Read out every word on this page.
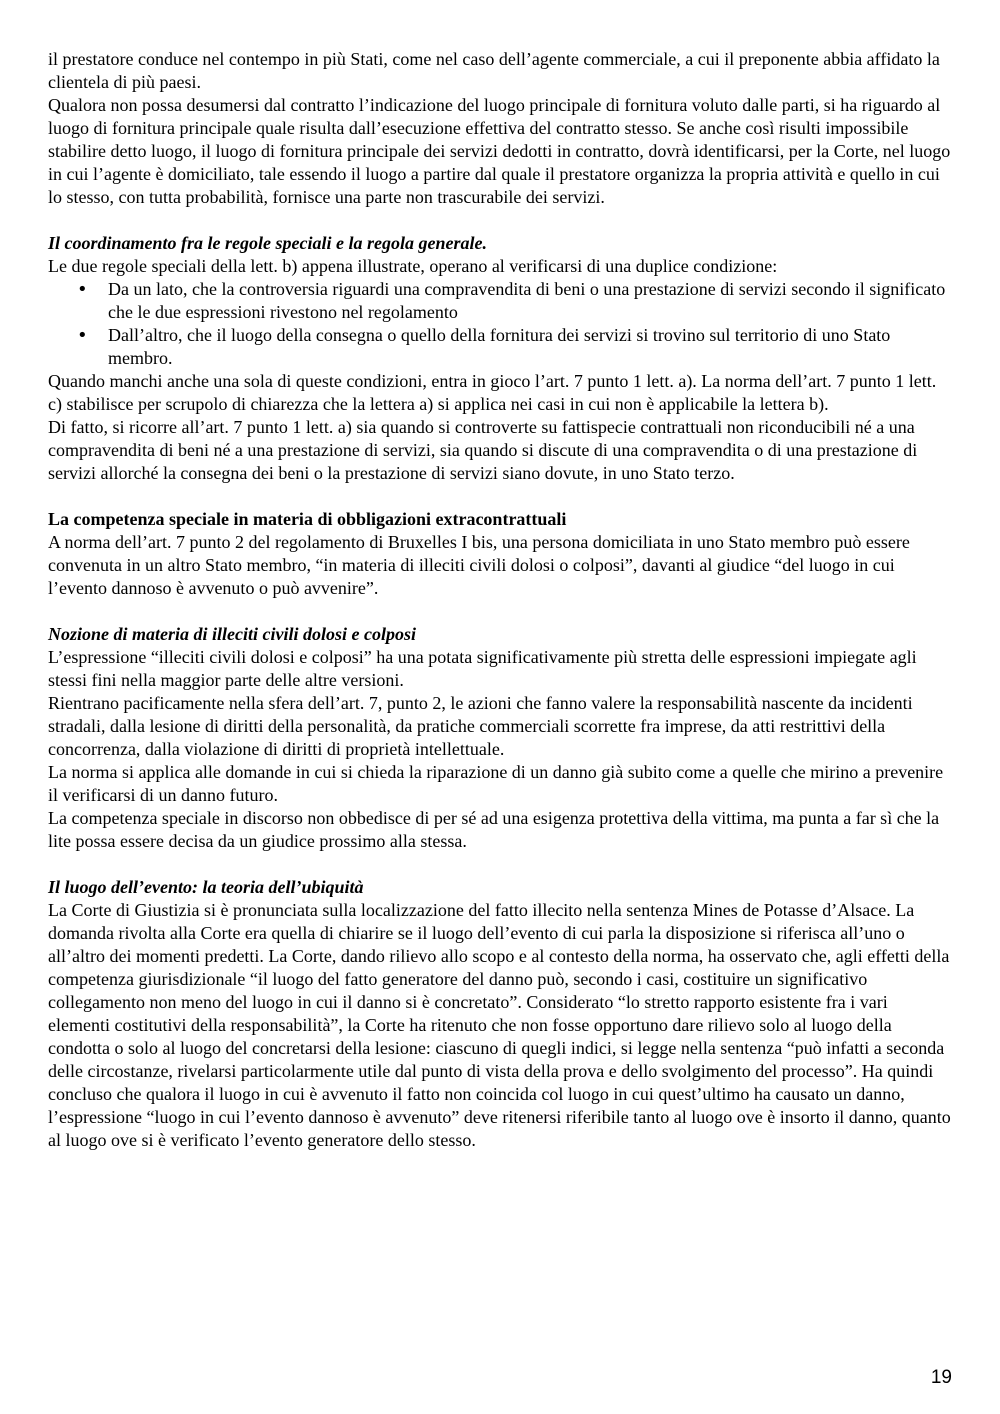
il prestatore conduce nel contempo in più Stati, come nel caso dell’agente commerciale, a cui il preponente abbia affidato la clientela di più paesi.

Qualora non possa desumersi dal contratto l’indicazione del luogo principale di fornitura voluto dalle parti, si ha riguardo al luogo di fornitura principale quale risulta dall’esecuzione effettiva del contratto stesso. Se anche così risulti impossibile stabilire detto luogo, il luogo di fornitura principale dei servizi dedotti in contratto, dovrà identificarsi, per la Corte, nel luogo in cui l’agente è domiciliato, tale essendo il luogo a partire dal quale il prestatore organizza la propria attività e quello in cui lo stesso, con tutta probabilità, fornisce una parte non trascurabile dei servizi.

Il coordinamento fra le regole speciali e la regola generale.

Le due regole speciali della lett. b) appena illustrate, operano al verificarsi di una duplice condizione:

• Da un lato, che la controversia riguardi una compravendita di beni o una prestazione di servizi secondo il significato che le due espressioni rivestono nel regolamento
• Dall’altro, che il luogo della consegna o quello della fornitura dei servizi si trovino sul territorio di uno Stato membro.

Quando manchi anche una sola di queste condizioni, entra in gioco l’art. 7 punto 1 lett. a). La norma dell’art. 7 punto 1 lett. c) stabilisce per scrupolo di chiarezza che la lettera a) si applica nei casi in cui non è applicabile la lettera b).

Di fatto, si ricorre all’art. 7 punto 1 lett. a) sia quando si controverte su fattispecie contrattuali non riconducibili né a una compravendita di beni né a una prestazione di servizi, sia quando si discute di una compravendita o di una prestazione di servizi allorché la consegna dei beni o la prestazione di servizi siano dovute, in uno Stato terzo.

La competenza speciale in materia di obbligazioni extracontrattuali

A norma dell’art. 7 punto 2 del regolamento di Bruxelles I bis, una persona domiciliata in uno Stato membro può essere convenuta in un altro Stato membro, “in materia di illeciti civili dolosi o colposi”, davanti al giudice “del luogo in cui l’evento dannoso è avvenuto o può avvenire”.

Nozione di materia di illeciti civili dolosi e colposi

L’espressione “illeciti civili dolosi e colposi” ha una potata significativamente più stretta delle espressioni impiegate agli stessi fini nella maggior parte delle altre versioni.

Rientrano pacificamente nella sfera dell’art. 7, punto 2, le azioni che fanno valere la responsabilità nascente da incidenti stradali, dalla lesione di diritti della personalità, da pratiche commerciali scorrette fra imprese, da atti restrittivi della concorrenza, dalla violazione di diritti di proprietà intellettuale.

La norma si applica alle domande in cui si chieda la riparazione di un danno già subito come a quelle che mirino a prevenire il verificarsi di un danno futuro.

La competenza speciale in discorso non obbedisce di per sé ad una esigenza protettiva della vittima, ma punta a far sì che la lite possa essere decisa da un giudice prossimo alla stessa.

Il luogo dell’evento: la teoria dell’ubiquità

La Corte di Giustizia si è pronunciata sulla localizzazione del fatto illecito nella sentenza Mines de Potasse d’Alsace. La domanda rivolta alla Corte era quella di chiarire se il luogo dell’evento di cui parla la disposizione si riferisca all’uno o all’altro dei momenti predetti. La Corte, dando rilievo allo scopo e al contesto della norma, ha osservato che, agli effetti della competenza giurisdizionale “il luogo del fatto generatore del danno può, secondo i casi, costituire un significativo collegamento non meno del luogo in cui il danno si è concretato”. Considerato “lo stretto rapporto esistente fra i vari elementi costitutivi della responsabilità”, la Corte ha ritenuto che non fosse opportuno dare rilievo solo al luogo della condotta o solo al luogo del concretarsi della lesione: ciascuno di quegli indici, si legge nella sentenza “può infatti a seconda delle circostanze, rivelarsi particolarmente utile dal punto di vista della prova e dello svolgimento del processo”. Ha quindi concluso che qualora il luogo in cui è avvenuto il fatto non coincida col luogo in cui quest’ultimo ha causato un danno, l’espressione “luogo in cui l’evento dannoso è avvenuto” deve ritenersi riferibile tanto al luogo ove è insorto il danno, quanto al luogo ove si è verificato l’evento generatore dello stesso.

19
